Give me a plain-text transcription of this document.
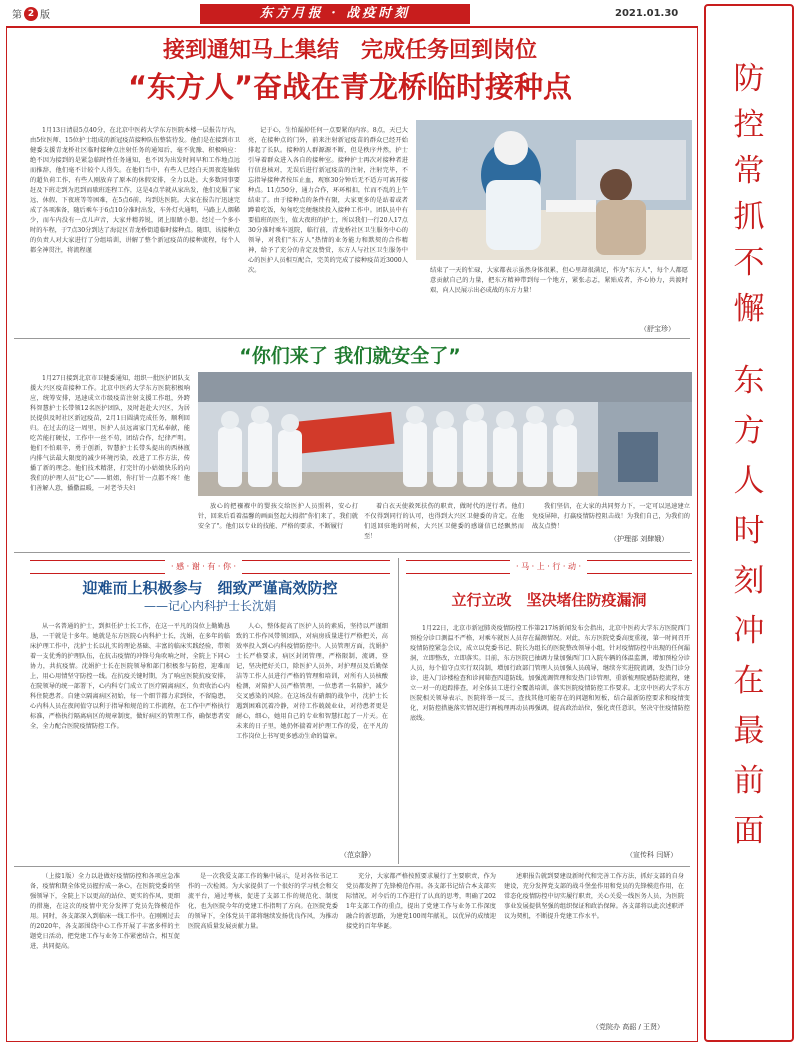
第 2 版	东方月报 · 战疫时刻	2021.01.30
接到通知马上集结　完成任务回到岗位
“东方人”奋战在青龙桥临时接种点
1月13日清晨5点40分，在北京中医药大学东方医院本楼一层报告厅内，由5位医师、15位护士组成的新冠疫苗接种队伍整装待发。他们是在接到市卫健委支援青龙桥社区临时接种点注射任务的通知后，毫不犹豫、积极响应：绝不因为接到的是紧急临时性任务通知，也不因为出发时间早和工作地点远而推辞，他们毫不计较个人得失。在他们当中，有些人已经白天黑夜连轴转的超负荷工作，有些人刚放弃了原本的休假安排，全力以赴。大多数同事要赶及下班走到为迟到而歇班连程工作，这是4点半就从家出发，他们克服了家远、休假、下夜班等等困难，在5点6前，均到达医院。大家在报告厅迅速完成了各项准备，随后乘车于6点10分准时出发，车外灯火通明，马路上人烟稀少，而车内没有一点儿声音，大家并精养锐，闭上眼睛小憩。经过一个多小时的车程，于7点30分到达了海淀区青龙桥街道临时接种点。随即，该接种点的负责人对大家进行了分组培训，讲解了整个新冠疫苗的接种流程，每个人都全神贯注，将流程谨
记于心，生怕漏掉任何一点要紧的内容。8点，天已大亮，在接种点的门外，前来注射新冠疫苗的群众已经开始排起了长队。接种的人群源源不断，但是秩序井然，护士引导着群众进入各自的接种室。接种护士再次对接种者进行信息核对，无误后进行新冠疫苗的注射，注射完毕，不忘指导接种者按压止血，观察30分钟后无不适方可离开接种点。11点50分，通力合作，环环相扣，忙而不乱的上午结束了。由于接种点的条件有限，大家更多的是站着或者蹲着吃饭，匆匆吃完便继续投入接种工作中。团队员中有要值班的医生，值大夜班的护士，所以我们一行20人17点30分准时乘车返院，临行前，青龙桥社区卫生服务中心的领导，对我们"东方人"热情的业务能力和默契的合作精神，给予了充分的肯定及赞赏，东方人与社区卫生服务中心的医护人员相互配合，完美的完成了接种疫苗近3000人次。	结束了一天的忙碌，大家都表示虽然身体很累，但心里却很满足，作为"东方人"，每个人都愿意贡献自己的力量，把东方精神带到每一个地方，紧张忐忑，紧贴成者，齐心协力，共渡时艰，向人民展示出必成战的东方力量！
（舒宝珍）
“你们来了 我们就安全了”
1月27日接到北京市卫健委通知，组织一批医护团队支援大兴区疫苗接种工作。北京中医药大学东方医院积极响应，统筹安排，迅速成立市级疫苗注射支援工作组，外跨科智慧护士长带领12名医护团队，及时赶赴大兴区，为居民提供及时社区新冠疫苗，2月1日圆满完成任务，顺利回归。在过去的这一周里，医护人员远离家门无私奉献，能吃苦能打硬仗，工作中一丝不苟，团结合作，纪律严明。他们不怕艰辛，勇于创新，智慧护士长带头提出的西林瓶内排气法最大限度的减少环境污染，改进了工作方法，传播了新的理念。他们技术精湛，打完针的小姑娘快乐的向我们的护理人员"比心"——姐姐，你打针一点都不疼！他们善解人意，播撒温暖，一对老爷夫妇
放心的把襁褓中的婴孩交给医护人员照料，安心打针，回来后看着温馨的画面竖起大拇指"你们来了，我们就安全了"。他们以专业的技能、严格的要求、不断履行
着白衣天使救死扶伤的职责，做时代的逆行者。他们不仅得到同行的认可，也得到大兴区卫健委的肯定。在他们返回驻地的时候，大兴区卫健委的感谢信已经飘然而至！
我们坚信，在大家的共同努力下，一定可以迅速建立免疫屏障，打赢疫情防控阻击战！为我们自己，为我们的战友点赞！
（护理部 刘肆娥）
· 感 · 谢 · 有 · 你 ·
迎难而上积极参与　细致严谨高效防控
——记心内科护士长沈娟
从一名普通的护士，到担任护士长工作，在这一平凡的岗位上勤勤恳恳，一干就是十多年。她就是东方医院心内科护士长，沈娟，在多年的临床护理工作中，沈护士长以扎实的理论基础、丰富的临床实践经验，带领着一支优秀的护理队伍，在抗击疫情的冲锋号角吹响之时，全院上下同心协力，共抗疫情。沈娟护士长在医院领导和部门积极参与防控，迎难而上，用心用情坚守防控一线。在抗疫关键时期，为了响应医院抗疫安排，在院领导的统一部署下，心内科专门成立了医疗隔离病区，负责收治心内科住院患者。自建立隔离病区初始，每一个细节都力求到位，不留隐患，心内科人员在夜间值守以利于指导和规范的工作流程，在工作中严格执行标准，严格执行隔离病区的规章制度，做好病区的管理工作，确保患者安全，全力配合医院疫情防控工作。
人心，整体提高了医护人员的素质，坚持以严谨细致的工作作风带领团队，对病房质量进行严格把关，高效率投入到心内科疫情防控中。人员管理方面，沈娟护士长严格要求，病区封闭管理，严格限制，流调，登记，坚决把好关口，除医护人员外，对护理员及后勤保洁等工作人员进行严格的管理和培训，对所有人员核酸检测，对陪护人员严格管理，一位患者一名陪护，减少交叉感染的风险。在这场没有硝烟的战争中，沈护士长遇到困难沉着冷静，对待工作兢兢业业，对待患者更是耐心，细心，她用自己的专业和智慧扛起了一片天。在未来的日子里，她仍怀揣着对护理工作的爱，在平凡的工作岗位上书写更多感动生命的篇章。
（范京静）
· 马 · 上 · 行 · 动 ·
立行立改　坚决堵住防疫漏洞
1月22日，北京市新冠肺炎疫情防控工作第217场新闻发布会指出，北京中医药大学东方医院西门预检分诊口测温不严格，对乘车就医人员存在漏测情况。对此，东方医院党委高度重视，第一时间召开疫情防控紧急会议，成立以党委书记、院长为组长的医院整改领导小组，针对疫情防控中出现的任何漏洞，立即整改，立即落实。目前，东方医院已抽调力量加强西门口入院车辆的体温监测，增加预检分诊人员，每个值守点实行双岗制，增加行政部门管理人员加强人员疏导，继续夯实进院流调，发热门诊分诊，进入门诊楼检查和诊间筛查四道防线。加强流调管理和发热门诊管理，重新梳理院感防控流程，建立一对一的追踪排查，对全体员工进行全覆盖培训，落实医院疫情防控工作要求。北京中医药大学东方医院相关领导表示，医院将举一反三，查找其他可能存在的问题和短板，结合最新防控要求和疫情变化，对防控措施落实情况进行再梳理再动员再强调，提高政治站位，强化责任意识，坚决守住疫情防控底线。
（宣传科 闫妍）
（上接1版）全力以赴做好疫情防控和各项应急准备，疫情和期全体党员握拧成一条心，在医院党委的坚强领导下，全院上下以更高的站位、更实的作风、更细的措施，在这次的疫情中充分发挥了党员先锋模范作用。同时，各支部深入到临床一线工作中。在刚刚过去的2020年，各支部围绕中心工作开展了丰富多样的主题党日活动，把党建工作与业务工作紧密结合，相互促进，共同提高。
是一次我爱支部工作的集中展示，是对各位书记工作的一次检阅。为大家提供了一个很好的学习机会和交流平台，通过考核，促进了支部工作的规范化、制度化，也为医院今年的党建工作指明了方向。在医院党委的领导下，全体党员干部将继续发扬优良作风，为推动医院高质量发展贡献力量。
充分，大家都严格按照要求履行了主要职责，作为党员都发挥了先锋模范作用。各支部书记结合本支部实际情况，对今后的工作进行了认真的思考，明确了2021年支部工作的重点，提出了党建工作与业务工作深度融合的新思路，为建党100周年献礼，以优异的成绩迎接党的百年华诞。
述职报告就到要建设新时代和完善工作方法，抓好支部的自身建设，充分发挥党支部的战斗堡垒作用和党员的先锋模范作用，在常态化疫情防控中切实履行职责，关心关爱一线医务人员，为医院事业发展提供坚强的组织保证和政治保障。各支部将以此次述职评议为契机，不断提升党建工作水平。
（党院办 高韶 / 王贤）
防控常抓不懈
东方人时刻冲在最前面
